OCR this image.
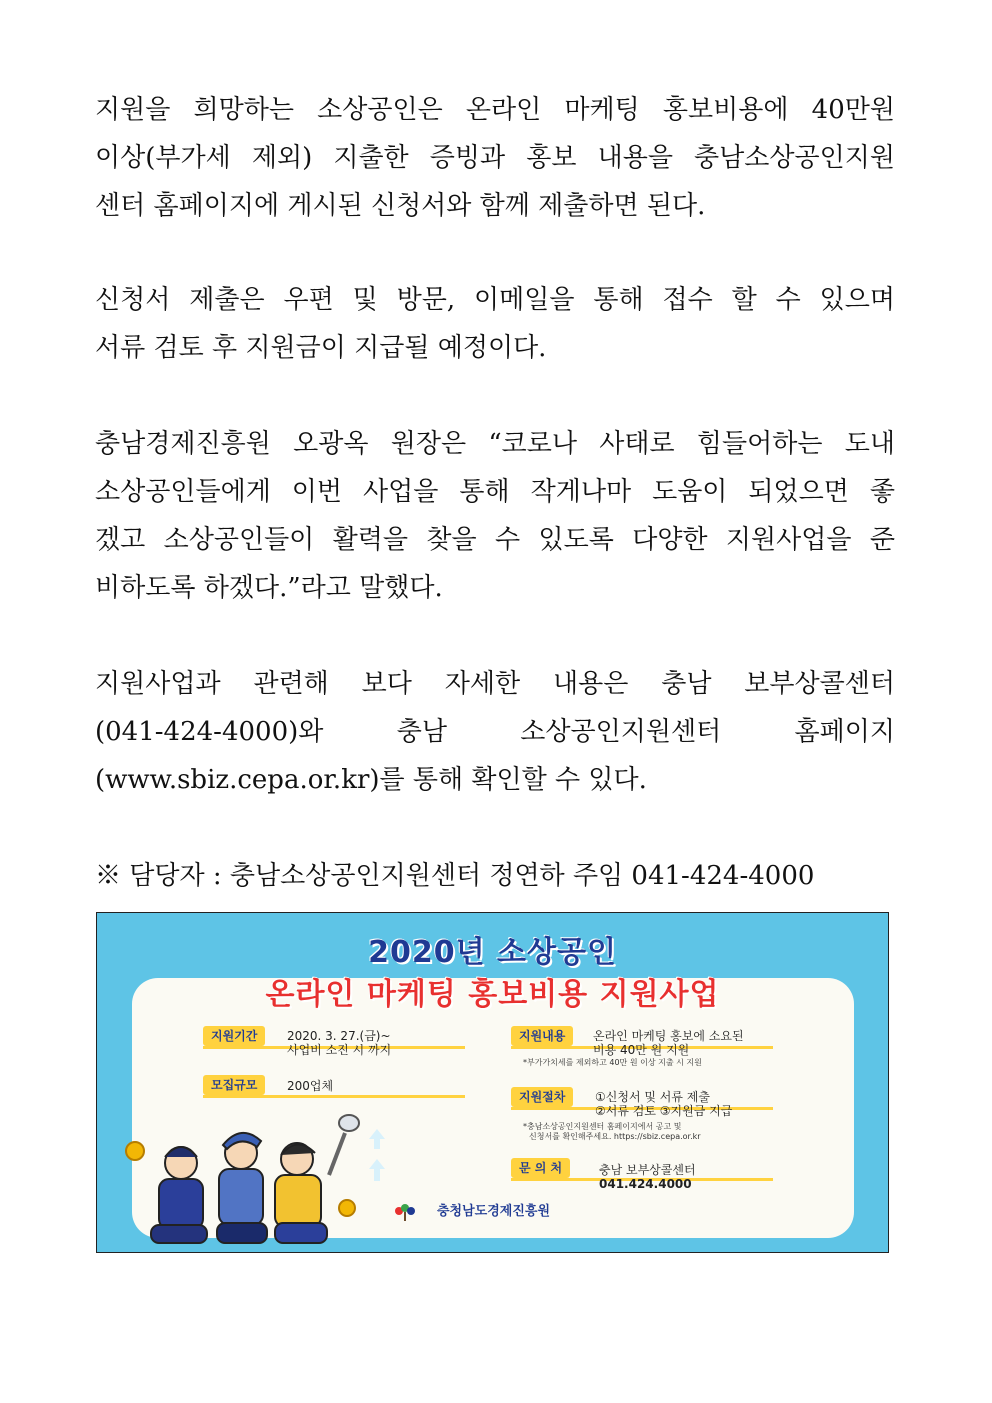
지원을 희망하는 소상공인은 온라인 마케팅 홍보비용에 40만원
이상(부가세 제외) 지출한 증빙과 홍보 내용을 충남소상공인지원
센터 홈페이지에 게시된 신청서와 함께 제출하면 된다.
신청서 제출은 우편 및 방문, 이메일을 통해 접수 할 수 있으며
서류 검토 후 지원금이 지급될 예정이다.
충남경제진흥원 오광옥 원장은 “코로나 사태로 힘들어하는 도내
소상공인들에게 이번 사업을 통해 작게나마 도움이 되었으면 좋
겠고 소상공인들이 활력을 찾을 수 있도록 다양한 지원사업을 준
비하도록 하겠다.”라고 말했다.
지원사업과 관련해 보다 자세한 내용은 충남 보부상콜센터
(041-424-4000)와 충남 소상공인지원센터 홈페이지
(www.sbiz.cepa.or.kr)를 통해 확인할 수 있다.
※ 담당자 : 충남소상공인지원센터 정연하 주임 041-424-4000
2020년 소상공인
온라인 마케팅 홍보비용 지원사업
지원기간	2020. 3. 27.(금)~
사업비 소진 시 까지
모집규모	200업체
지원내용	온라인 마케팅 홍보에 소요된
비용 40만 원 지원
*부가가치세를 제외하고 40만 원 이상 지출 시 지원
지원절차	①신청서 및 서류 제출
②서류 검토 ③지원금 지급
*충남소상공인지원센터 홈페이지에서 공고 및
신청서를 확인해주세요. https://sbiz.cepa.or.kr
문 의 처	충남 보부상콜센터
041.424.4000
충청남도경제진흥원
